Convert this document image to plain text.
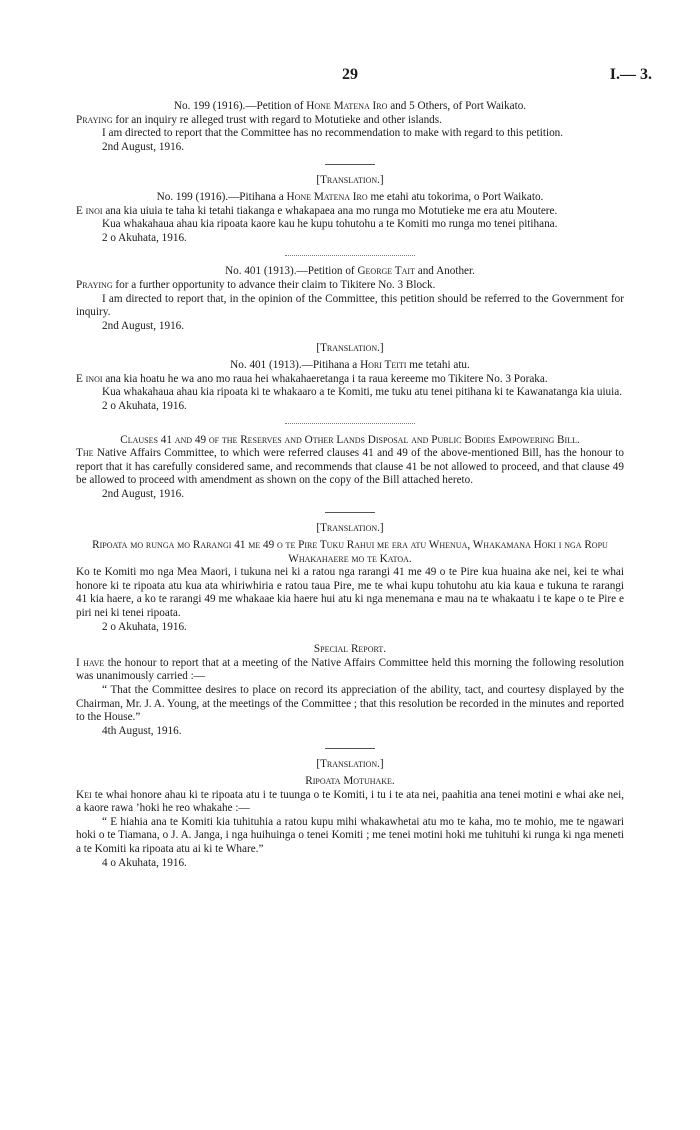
29	I.— 3.

No. 199 (1916).—Petition of Hone Matena Iro and 5 Others, of Port Waikato.

Praying for an inquiry re alleged trust with regard to Motutieke and other islands.

I am directed to report that the Committee has no recommendation to make with regard to this petition.

2nd August, 1916.

[Translation.]

No. 199 (1916).—Pitihana a Hone Matena Iro me etahi atu tokorima, o Port Waikato.

E inoi ana kia uiuia te taha ki tetahi tiakanga e whakapaea ana mo runga mo Motutieke me era atu Moutere.

Kua whakahaua ahau kia ripoata kaore kau he kupu tohutohu a te Komiti mo runga mo tenei pitihana.

2 o Akuhata, 1916.

No. 401 (1913).—Petition of George Tait and Another.

Praying for a further opportunity to advance their claim to Tikitere No. 3 Block.

I am directed to report that, in the opinion of the Committee, this petition should be referred to the Government for inquiry.

2nd August, 1916.

[Translation.]

No. 401 (1913).—Pitihana a Hori Teiti me tetahi atu.

E inoi ana kia hoatu he wa ano mo raua hei whakahaeretanga i ta raua kereeme mo Tikitere No. 3 Poraka.

Kua whakahaua ahau kia ripoata ki te whakaaro a te Komiti, me tuku atu tenei pitihana ki te Kawanatanga kia uiuia.

2 o Akuhata, 1916.

Clauses 41 and 49 of the Reserves and Other Lands Disposal and Public Bodies Empowering Bill.

The Native Affairs Committee, to which were referred clauses 41 and 49 of the above-mentioned Bill, has the honour to report that it has carefully considered same, and recommends that clause 41 be not allowed to proceed, and that clause 49 be allowed to proceed with amendment as shown on the copy of the Bill attached hereto.

2nd August, 1916.

[Translation.]

Ripoata mo runga mo Rarangi 41 me 49 o te Pire Tuku Rahui me era atu Whenua, Whakamana Hoki i nga Ropu Whakahaere mo te Katoa.

Ko te Komiti mo nga Mea Maori, i tukuna nei ki a ratou nga rarangi 41 me 49 o te Pire kua huaina ake nei, kei te whai honore ki te ripoata atu kua ata whiriwhiria e ratou taua Pire, me te whai kupu tohutohu atu kia kaua e tukuna te rarangi 41 kia haere, a ko te rarangi 49 me whakaae kia haere hui atu ki nga menemana e mau na te whakaatu i te kape o te Pire e piri nei ki tenei ripoata.

2 o Akuhata, 1916.

Special Report.

I have the honour to report that at a meeting of the Native Affairs Committee held this morning the following resolution was unanimously carried :—

“ That the Committee desires to place on record its appreciation of the ability, tact, and courtesy displayed by the Chairman, Mr. J. A. Young, at the meetings of the Committee ; that this resolution be recorded in the minutes and reported to the House.”

4th August, 1916.

[Translation.]

Ripoata Motuhake.

Kei te whai honore ahau ki te ripoata atu i te tuunga o te Komiti, i tu i te ata nei, paahitia ana tenei motini e whai ake nei, a kaore rawa ’hoki he reo whakahe :—

“ E hiahia ana te Komiti kia tuhituhia a ratou kupu mihi whakawhetai atu mo te kaha, mo te mohio, me te ngawari hoki o te Tiamana, o J. A. Janga, i nga huihuinga o tenei Komiti ; me tenei motini hoki me tuhituhi ki runga ki nga meneti a te Komiti ka ripoata atu ai ki te Whare.”

4 o Akuhata, 1916.
